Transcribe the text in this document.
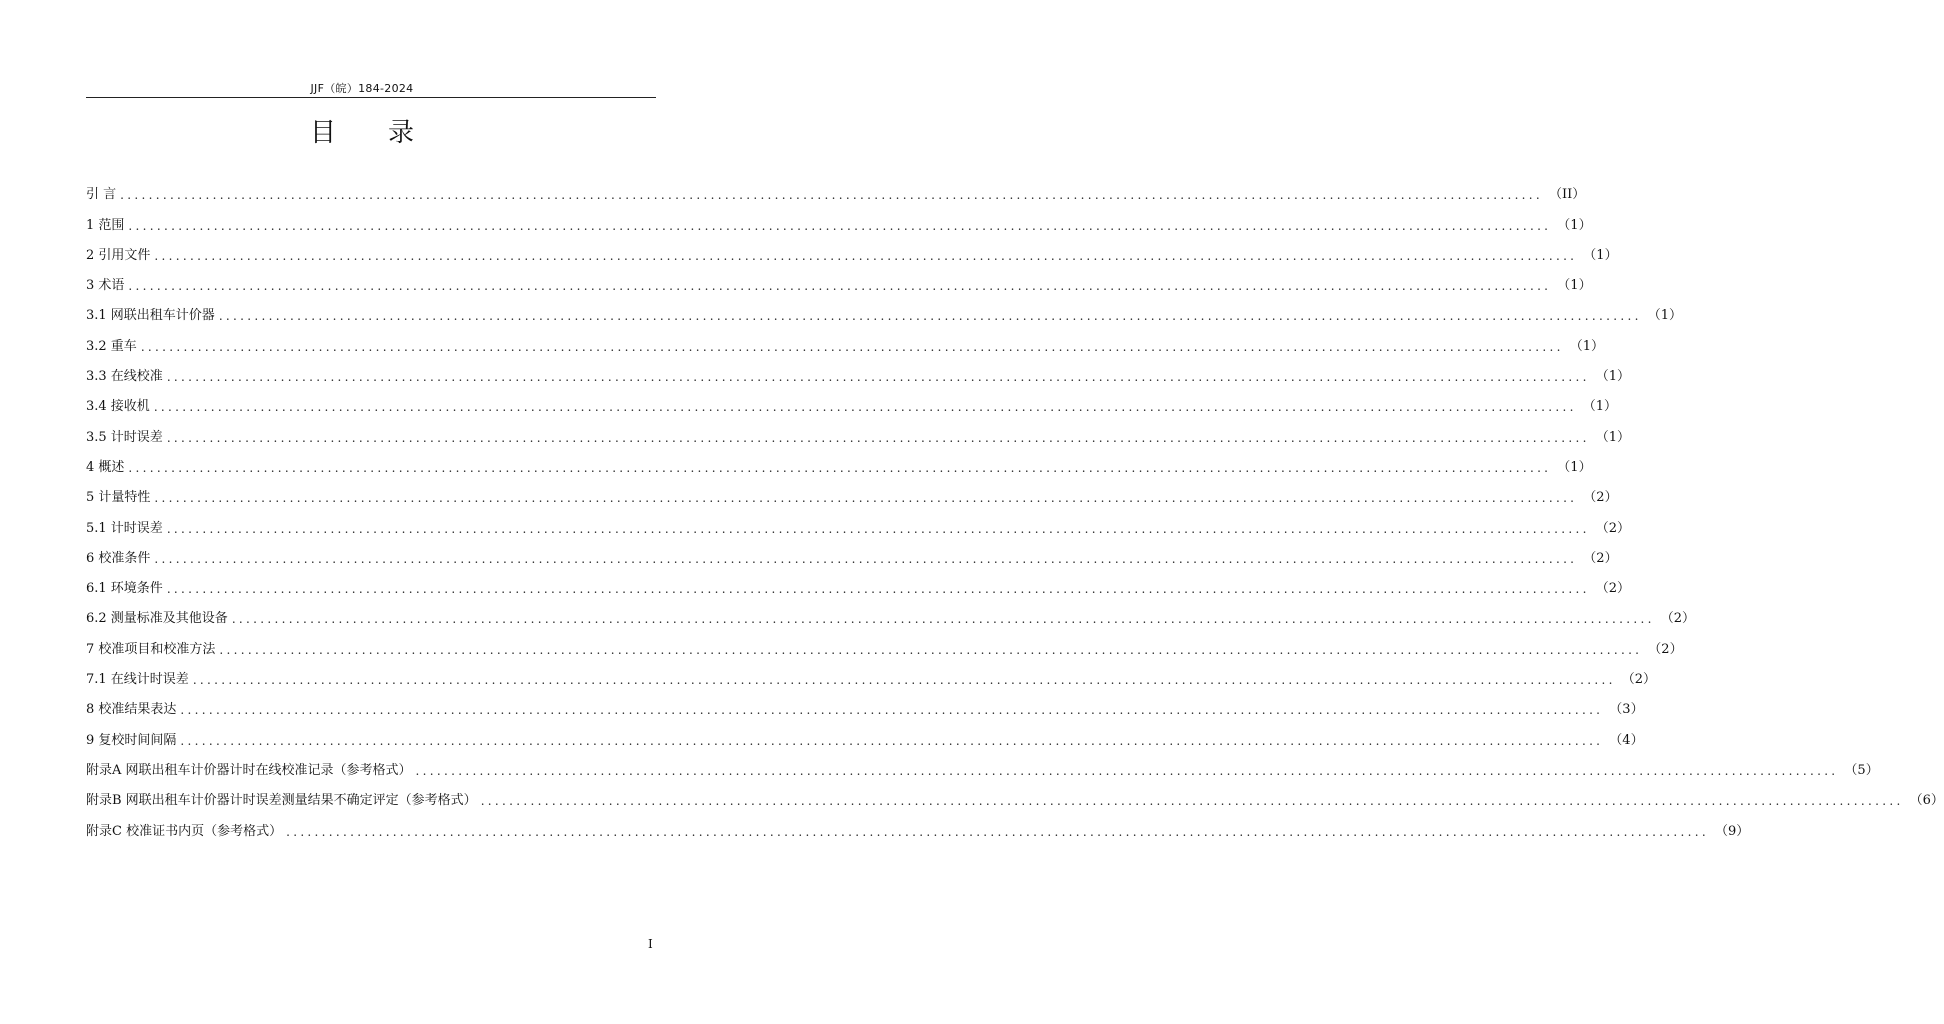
JJF（皖）184-2024
目录
引 言 ........................................................................................................................................................................................................ （II）
1 范围 ........................................................................................................................................................................................................ （1）
2 引用文件 ........................................................................................................................................................................................................ （1）
3 术语 ........................................................................................................................................................................................................ （1）
3.1 网联出租车计价器 ........................................................................................................................................................................................................ （1）
3.2 重车 ........................................................................................................................................................................................................ （1）
3.3 在线校准 ........................................................................................................................................................................................................ （1）
3.4 接收机 ........................................................................................................................................................................................................ （1）
3.5 计时误差 ........................................................................................................................................................................................................ （1）
4 概述 ........................................................................................................................................................................................................ （1）
5 计量特性 ........................................................................................................................................................................................................ （2）
5.1 计时误差 ........................................................................................................................................................................................................ （2）
6 校准条件 ........................................................................................................................................................................................................ （2）
6.1 环境条件 ........................................................................................................................................................................................................ （2）
6.2 测量标准及其他设备 ........................................................................................................................................................................................................ （2）
7 校准项目和校准方法 ........................................................................................................................................................................................................ （2）
7.1 在线计时误差 ........................................................................................................................................................................................................ （2）
8 校准结果表达 ........................................................................................................................................................................................................ （3）
9 复校时间间隔 ........................................................................................................................................................................................................ （4）
附录A 网联出租车计价器计时在线校准记录（参考格式） ........................................................................................................................................................................................................ （5）
附录B 网联出租车计价器计时误差测量结果不确定评定（参考格式） ........................................................................................................................................................................................................ （6）
附录C 校准证书内页（参考格式） ........................................................................................................................................................................................................ （9）
I
